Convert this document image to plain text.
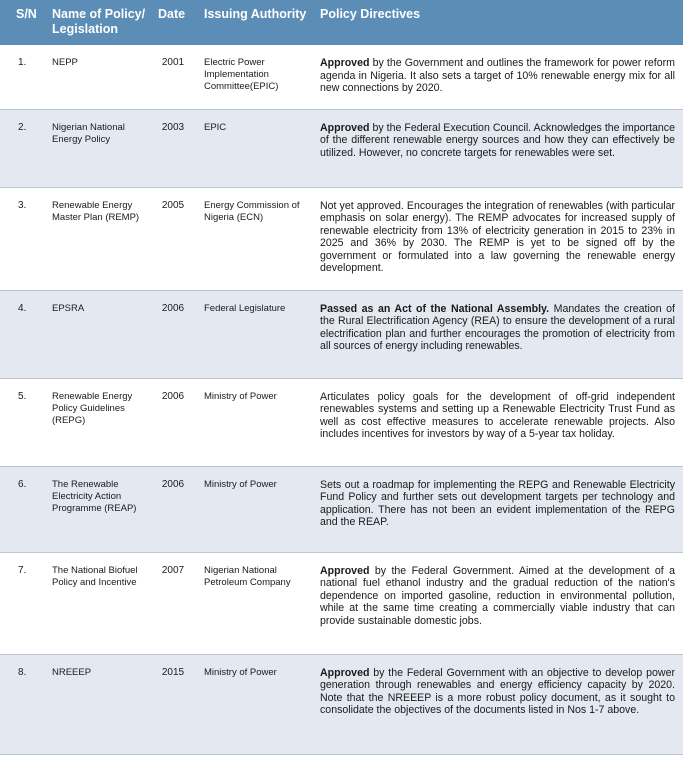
S/N	Name of Policy/ Legislation	Date	Issuing Authority	Policy Directives
1.	NEPP	2001	Electric Power Implementation Committee(EPIC)	Approved by the Government and outlines the framework for power reform agenda in Nigeria. It also sets a target of 10% renewable energy mix for all new connections by 2020.
2.	Nigerian National Energy Policy	2003	EPIC	Approved by the Federal Execution Council. Acknowledges the importance of the different renewable energy sources and how they can effectively be utilized. However, no concrete targets for renewables were set.
3.	Renewable Energy Master Plan (REMP)	2005	Energy Commission of Nigeria (ECN)	Not yet approved. Encourages the integration of renewables (with particular emphasis on solar energy). The REMP advocates for increased supply of renewable electricity from 13% of electricity generation in 2015 to 23% in 2025 and 36% by 2030. The REMP is yet to be signed off by the government or formulated into a law governing the renewable energy development.
4.	EPSRA	2006	Federal Legislature	Passed as an Act of the National Assembly. Mandates the creation of the Rural Electrification Agency (REA) to ensure the development of a rural electrification plan and further encourages the promotion of electricity from all sources of energy including renewables.
5.	Renewable Energy Policy Guidelines (REPG)	2006	Ministry of Power	Articulates policy goals for the development of off-grid independent renewables systems and setting up a Renewable Electricity Trust Fund as well as cost effective measures to accelerate renewable projects. Also includes incentives for investors by way of a 5-year tax holiday.
6.	The Renewable Electricity Action Programme (REAP)	2006	Ministry of Power	Sets out a roadmap for implementing the REPG and Renewable Electricity Fund Policy and further sets out development targets per technology and application. There has not been an evident implementation of the REPG and the REAP.
7.	The National Biofuel Policy and Incentive	2007	Nigerian National Petroleum Company	Approved by the Federal Government. Aimed at the development of a national fuel ethanol industry and the gradual reduction of the nation's dependence on imported gasoline, reduction in environmental pollution, while at the same time creating a commercially viable industry that can provide sustainable domestic jobs.
8.	NREEEP	2015	Ministry of Power	Approved by the Federal Government with an objective to develop power generation through renewables and energy efficiency capacity by 2020. Note that the NREEEP is a more robust policy document, as it sought to consolidate the objectives of the documents listed in Nos 1-7 above.
